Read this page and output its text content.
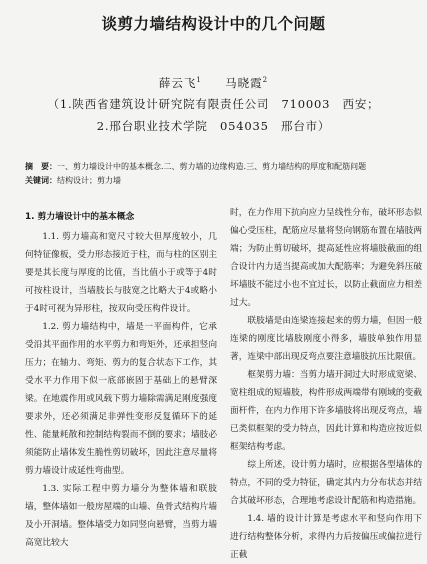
谈剪力墙结构设计中的几个问题
薛云飞$^1$ 马晓霞$^2$
（1.陕西省建筑设计研究院有限责任公司　710003　西安；
2.邢台职业技术学院　054035　邢台市）
摘　要：一、剪力墙设计中的基本概念.二、剪力墙的边缘构造.三、剪力墙结构的厚度和配筋问题
关键词：结构设计；剪力墙
1. 剪力墙设计中的基本概念

1.1. 剪力墙高和宽尺寸较大但厚度较小，几何特征像板，受力形态接近于柱，而与柱的区别主要是其长度与厚度的比值，当比值小于或等于4时可按柱设计，当墙肢长与肢宽之比略大于4或略小于4时可视为异形柱，按双向受压构件设计。

1.2. 剪力墙结构中，墙是一平面构件，它承受沿其平面作用的水平剪力和弯矩外，还承担竖向压力；在轴力、弯矩、剪力的复合状态下工作，其受水平力作用下似一底部嵌固于基础上的悬臂深梁。在地震作用或风载下剪力墙除需满足刚度强度要求外，还必须满足非弹性变形反复循环下的延性、能量耗散和控制结构裂而不倒的要求；墙肢必须能防止墙体发生脆性剪切破坏，因此注意尽量将剪力墙设计成延性弯曲型。

1.3. 实际工程中剪力墙分为整体墙和联肢墙，整体墙如一般房屋端的山墙、鱼骨式结构片墙及小开洞墙。整体墙受力如同竖向悬臂，当剪力墙高宽比较大

时，在力作用下抗向应力呈线性分布，破坏形态似偏心受压柱，配筋应尽量将竖向钢筋布置在墙肢两端；为防止剪切破坏，提高延性应将墙肢截面的组合设计内力适当提高或加大配筋率；为避免斜压破坏墙肢不能过小也不宜过长，以防止截面应力相差过大。

联肢墙是由连梁连接起来的剪力墙，但因一般连梁的刚度比墙肢刚度小得多，墙肢单独作用显著，连梁中部出现反弯点要注意墙肢抗压比限值。

框架剪力墙：当剪力墙开洞过大时形成宽梁、宽柱组成的短墙肢，构件形成两端带有刚域的变截面杆件，在内力作用下许多墙肢将出现反弯点，墙已类似框架的受力特点，因此计算和构造应按近似框架结构考虑。

综上所述，设计剪力墙时，应根据各型墙体的特点，不同的受力特征，确定其内力分布状态并结合其破坏形态，合理地考虑设计配筋和构造措施。

1.4. 墙的设计计算是考虑水平和竖向作用下进行结构整体分析，求得内力后按偏压或偏拉进行正截
